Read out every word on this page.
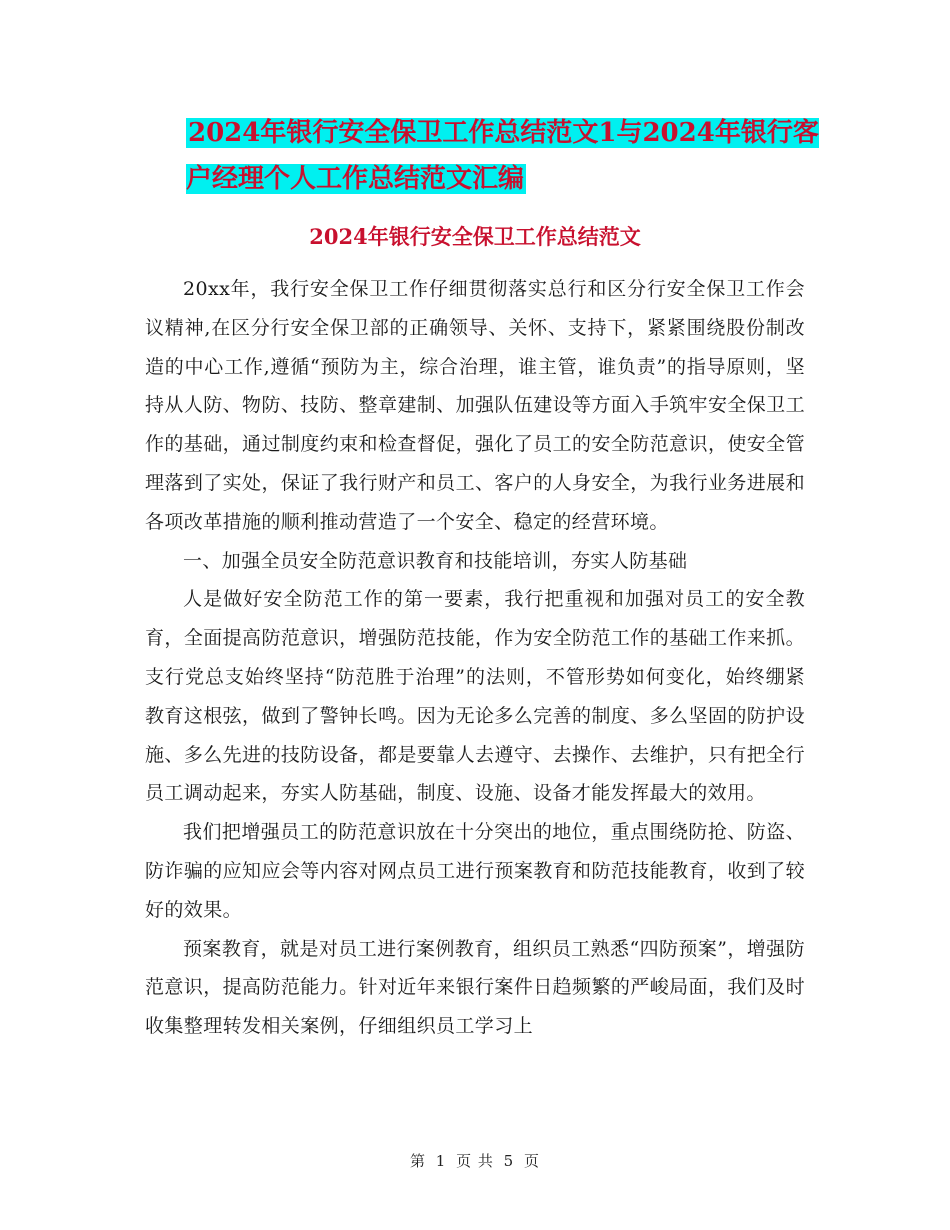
2024年银行安全保卫工作总结范文1与2024年银行客户经理个人工作总结范文汇编
2024年银行安全保卫工作总结范文

20xx年，我行安全保卫工作仔细贯彻落实总行和区分行安全保卫工作会议精神,在区分行安全保卫部的正确领导、关怀、支持下，紧紧围绕股份制改造的中心工作,遵循“预防为主，综合治理，谁主管，谁负责”的指导原则，坚持从人防、物防、技防、整章建制、加强队伍建设等方面入手筑牢安全保卫工作的基础，通过制度约束和检查督促，强化了员工的安全防范意识，使安全管理落到了实处，保证了我行财产和员工、客户的人身安全，为我行业务进展和各项改革措施的顺利推动营造了一个安全、稳定的经营环境。

一、加强全员安全防范意识教育和技能培训，夯实人防基础

人是做好安全防范工作的第一要素，我行把重视和加强对员工的安全教育，全面提高防范意识，增强防范技能，作为安全防范工作的基础工作来抓。支行党总支始终坚持“防范胜于治理”的法则，不管形势如何变化，始终绷紧教育这根弦，做到了警钟长鸣。因为无论多么完善的制度、多么坚固的防护设施、多么先进的技防设备，都是要靠人去遵守、去操作、去维护，只有把全行员工调动起来，夯实人防基础，制度、设施、设备才能发挥最大的效用。

我们把增强员工的防范意识放在十分突出的地位，重点围绕防抢、防盗、防诈骗的应知应会等内容对网点员工进行预案教育和防范技能教育，收到了较好的效果。

预案教育，就是对员工进行案例教育，组织员工熟悉“四防预案”，增强防范意识，提高防范能力。针对近年来银行案件日趋频繁的严峻局面，我们及时收集整理转发相关案例，仔细组织员工学习上

第 1 页 共 5 页
